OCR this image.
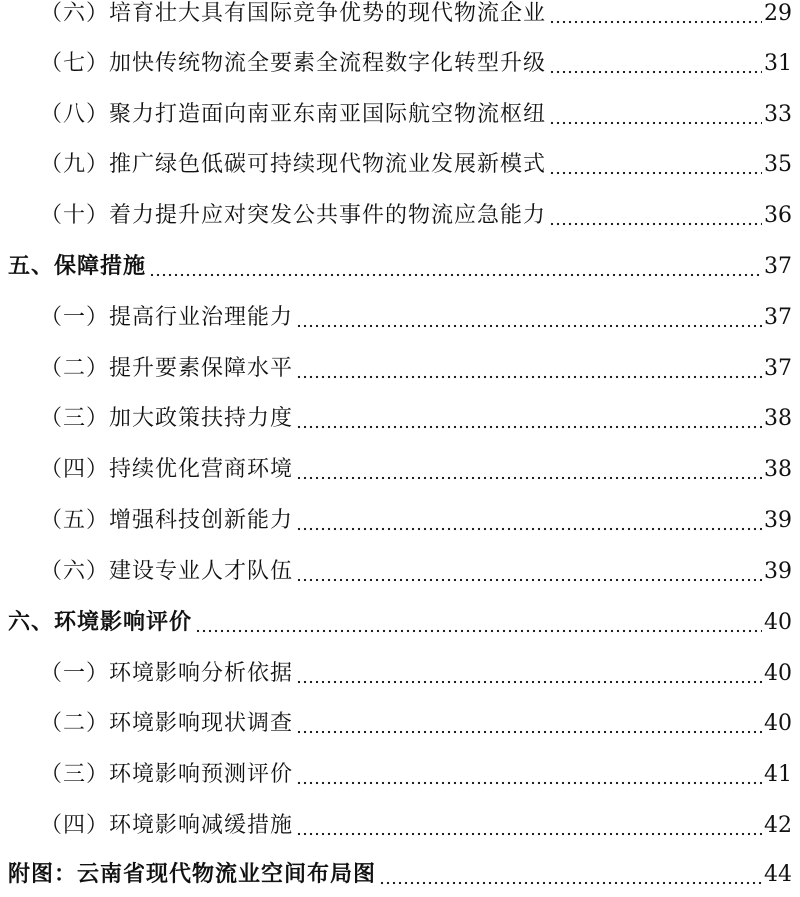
（六）培育壮大具有国际竞争优势的现代物流企业	29
（七）加快传统物流全要素全流程数字化转型升级	31
（八）聚力打造面向南亚东南亚国际航空物流枢纽	33
（九）推广绿色低碳可持续现代物流业发展新模式	35
（十）着力提升应对突发公共事件的物流应急能力	36
五、保障措施	37
（一）提高行业治理能力	37
（二）提升要素保障水平	37
（三）加大政策扶持力度	38
（四）持续优化营商环境	38
（五）增强科技创新能力	39
（六）建设专业人才队伍	39
六、环境影响评价	40
（一）环境影响分析依据	40
（二）环境影响现状调查	40
（三）环境影响预测评价	41
（四）环境影响减缓措施	42
附图：云南省现代物流业空间布局图	44
